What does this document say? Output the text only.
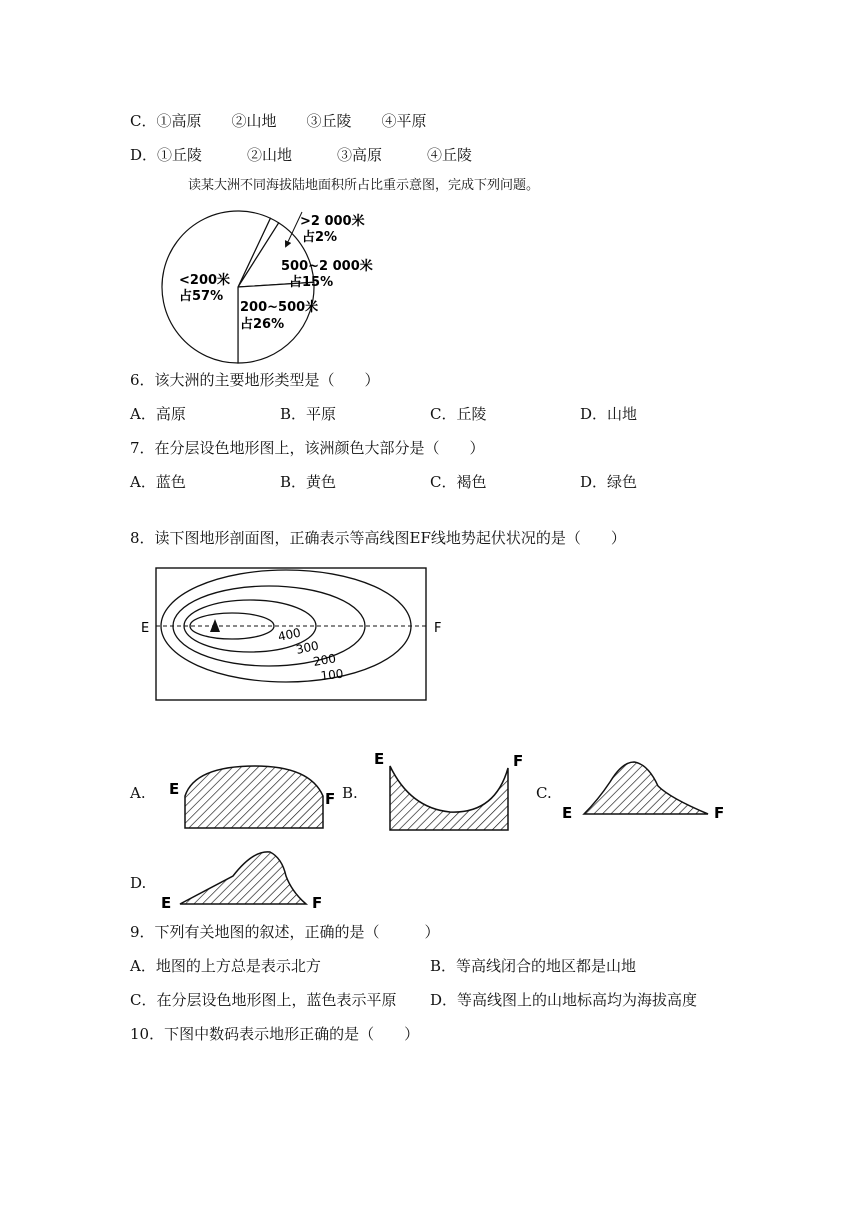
C．①高原　　②山地　　③丘陵　　④平原
D．①丘陵　　　②山地　　　③高原　　　④丘陵
读某大洲不同海拔陆地面积所占比重示意图，完成下列问题。
>2 000米
占2%
500~2 000米
占15%
200~500米
占26%
<200米
占57%
6．该大洲的主要地形类型是（　　）
A．高原	B．平原	C．丘陵	D．山地
7．在分层设色地形图上，该洲颜色大部分是（　　）
A．蓝色	B．黄色	C．褐色	D．绿色
8．读下图地形剖面图，正确表示等高线图EF线地势起伏状况的是（　　）
E	F
400
300
200
100
A. E
F B.
E	F
C.
E	F
D.
E	F
9．下列有关地图的叙述，正确的是（　　　）
A．地图的上方总是表示北方	B．等高线闭合的地区都是山地
C．在分层设色地形图上，蓝色表示平原 D．等高线图上的山地标高均为海拔高度
10．下图中数码表示地形正确的是（　　）
